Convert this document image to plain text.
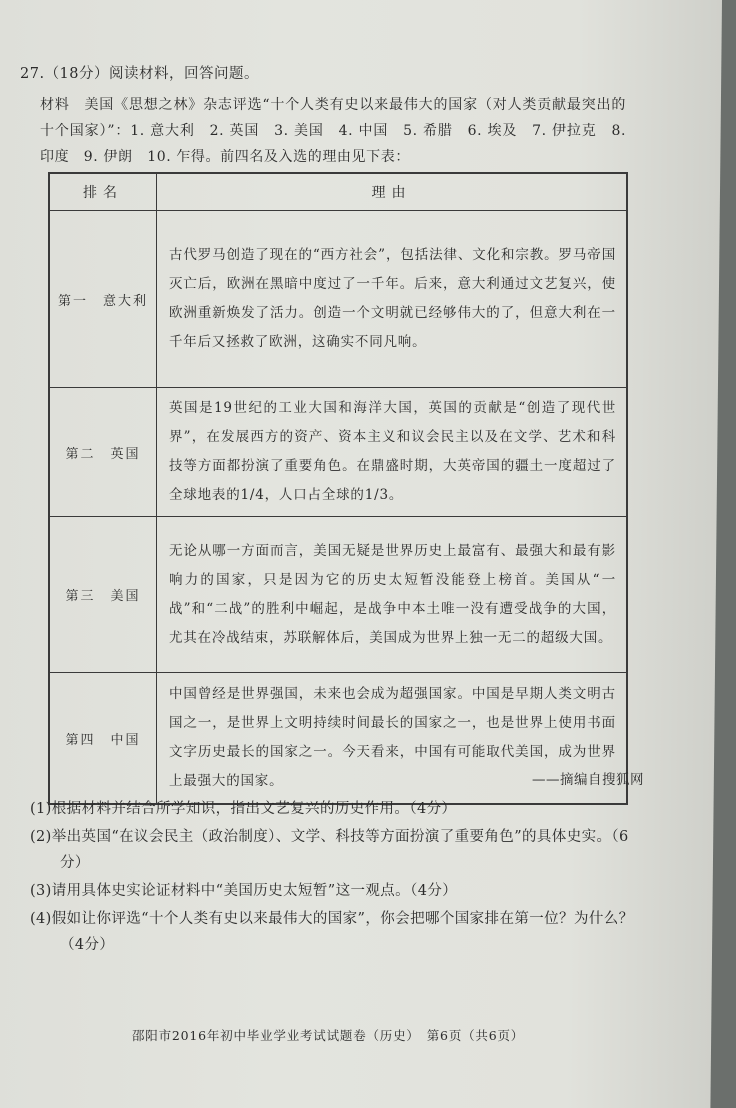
27.（18分）阅读材料，回答问题。
材料　 美国《思想之林》杂志评选“十个人类有史以来最伟大的国家（对人类贡献最突出的十个国家）”：1. 意大利　2. 英国　3. 美国　4. 中国　5. 希腊　6. 埃及　7. 伊拉克　8. 印度　9. 伊朗　10. 乍得。前四名及入选的理由见下表：
排名	理由
第一　意大利	古代罗马创造了现在的“西方社会”，包括法律、文化和宗教。罗马帝国灭亡后，欧洲在黑暗中度过了一千年。后来，意大利通过文艺复兴，使欧洲重新焕发了活力。创造一个文明就已经够伟大的了，但意大利在一千年后又拯救了欧洲，这确实不同凡响。
第二　英国	英国是19世纪的工业大国和海洋大国，英国的贡献是“创造了现代世界”，在发展西方的资产、资本主义和议会民主以及在文学、艺术和科技等方面都扮演了重要角色。在鼎盛时期，大英帝国的疆土一度超过了全球地表的1/4，人口占全球的1/3。
第三　美国	无论从哪一方面而言，美国无疑是世界历史上最富有、最强大和最有影响力的国家，只是因为它的历史太短暂没能登上榜首。美国从“一战”和“二战”的胜利中崛起，是战争中本土唯一没有遭受战争的大国，尤其在冷战结束，苏联解体后，美国成为世界上独一无二的超级大国。
第四　中国	中国曾经是世界强国，未来也会成为超强国家。中国是早期人类文明古国之一，是世界上文明持续时间最长的国家之一，也是世界上使用书面文字历史最长的国家之一。今天看来，中国有可能取代美国，成为世界上最强大的国家。	——摘编自搜狐网
(1)根据材料并结合所学知识，指出文艺复兴的历史作用。（4分）
(2)举出英国“在议会民主（政治制度）、文学、科技等方面扮演了重要角色”的具体史实。（6分）
(3)请用具体史实论证材料中“美国历史太短暂”这一观点。（4分）
(4)假如让你评选“十个人类有史以来最伟大的国家”，你会把哪个国家排在第一位？为什么？（4分）
邵阳市2016年初中毕业学业考试试题卷（历史）　第6页（共6页）
